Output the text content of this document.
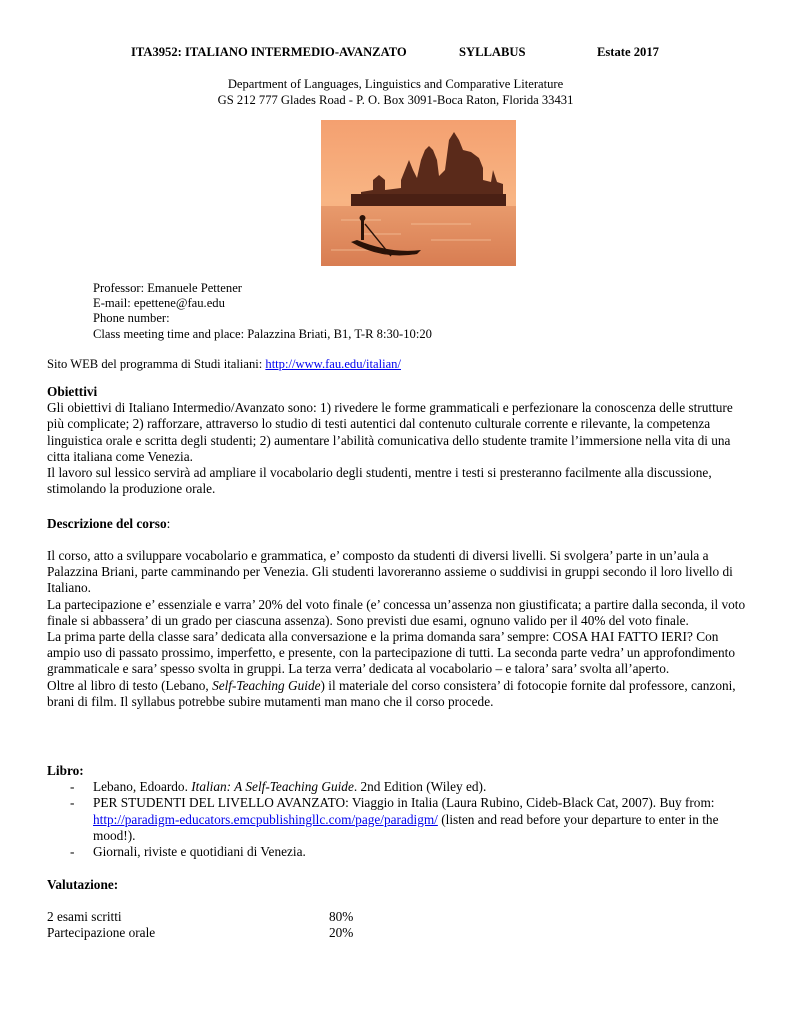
ITA3952: ITALIANO INTERMEDIO-AVANZATO	SYLLABUS	Estate 2017
Department of Languages, Linguistics and Comparative Literature
GS 212 777 Glades Road - P. O. Box 3091-Boca Raton, Florida 33431
Professor: Emanuele Pettener
E-mail: epettene@fau.edu
Phone number:
Class meeting time and place: Palazzina Briati, B1, T-R 8:30-10:20
Sito WEB del programma di Studi italiani: http://www.fau.edu/italian/
Obiettivi
Gli obiettivi di Italiano Intermedio/Avanzato sono: 1) rivedere le forme grammaticali e perfezionare la conoscenza delle strutture più complicate; 2) rafforzare, attraverso lo studio di testi autentici dal contenuto culturale corrente e rilevante, la competenza linguistica orale e scritta degli studenti; 2) aumentare l’abilità comunicativa dello studente tramite l’immersione nella vita di una citta italiana come Venezia.
Il lavoro sul lessico servirà ad ampliare il vocabolario degli studenti, mentre i testi si presteranno facilmente alla discussione, stimolando la produzione orale.
Descrizione del corso:
Il corso, atto a sviluppare vocabolario e grammatica, e’ composto da studenti di diversi livelli. Si svolgera’ parte in un’aula a Palazzina Briani, parte camminando per Venezia. Gli studenti lavoreranno assieme o suddivisi in gruppi secondo il loro livello di Italiano.
La partecipazione e’ essenziale e varra’ 20% del voto finale (e’ concessa un’assenza non giustificata; a partire dalla seconda, il voto finale si abbassera’ di un grado per ciascuna assenza). Sono previsti due esami, ognuno valido per il 40% del voto finale.
La prima parte della classe sara’ dedicata alla conversazione e la prima domanda sara’ sempre: COSA HAI FATTO IERI? Con ampio uso di passato prossimo, imperfetto, e presente, con la partecipazione di tutti. La seconda parte vedra’ un approfondimento grammaticale e sara’ spesso svolta in gruppi. La terza verra’ dedicata al vocabolario – e talora’ sara’ svolta all’aperto.
Oltre al libro di testo (Lebano, Self-Teaching Guide) il materiale del corso consistera’ di fotocopie fornite dal professore, canzoni, brani di film. Il syllabus potrebbe subire mutamenti man mano che il corso procede.
Libro:
- Lebano, Edoardo. Italian: A Self-Teaching Guide. 2nd Edition (Wiley ed).
- PER STUDENTI DEL LIVELLO AVANZATO: Viaggio in Italia (Laura Rubino, Cideb-Black Cat, 2007). Buy from: http://paradigm-educators.emcpublishingllc.com/page/paradigm/ (listen and read before your departure to enter in the mood!).
- Giornali, riviste e quotidiani di Venezia.
Valutazione:
2 esami scritti	80%
Partecipazione orale	20%
